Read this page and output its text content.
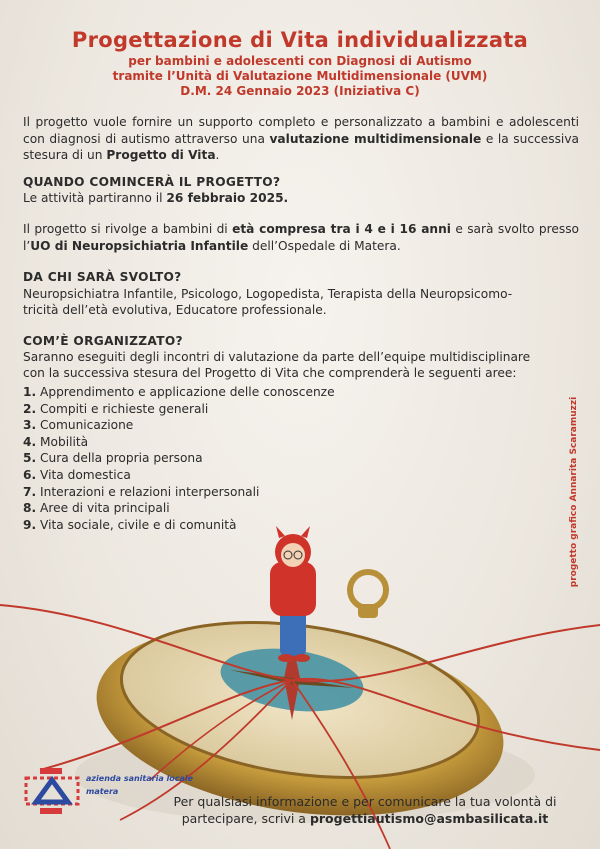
Progettazione di Vita individualizzata
per bambini e adolescenti con Diagnosi di Autismo
tramite l’Unità di Valutazione Multidimensionale (UVM)
D.M. 24 Gennaio 2023 (Iniziativa C)
Il progetto vuole fornire un supporto completo e personalizzato a bambini e adolescenti con diagnosi di autismo attraverso una valutazione multidimensionale e la successiva stesura di un Progetto di Vita.
QUANDO COMINCERÀ IL PROGETTO?
Le attività partiranno il 26 febbraio 2025.
Il progetto si rivolge a bambini di età compresa tra i 4 e i 16 anni e sarà svolto presso l’UO di Neuropsichiatria Infantile dell’Ospedale di Matera.
DA CHI SARÀ SVOLTO?
Neuropsichiatra Infantile, Psicologo, Logopedista, Terapista della Neuropsicomo-
tricità dell’età evolutiva, Educatore professionale.
COM’È ORGANIZZATO?
Saranno eseguiti degli incontri di valutazione da parte dell’equipe multidisciplinare
con la successiva stesura del Progetto di Vita che comprenderà le seguenti aree:
1. Apprendimento e applicazione delle conoscenze
2. Compiti e richieste generali
3. Comunicazione
4. Mobilità
5. Cura della propria persona
6. Vita domestica
7. Interazioni e relazioni interpersonali
8. Aree di vita principali
9. Vita sociale, civile e di comunità	progetto grafico Annarita Scaramuzzi
azienda sanitaria locale
matera
Per qualsiasi informazione e per comunicare la tua volontà di
partecipare, scrivi a progettiautismo@asmbasilicata.it
